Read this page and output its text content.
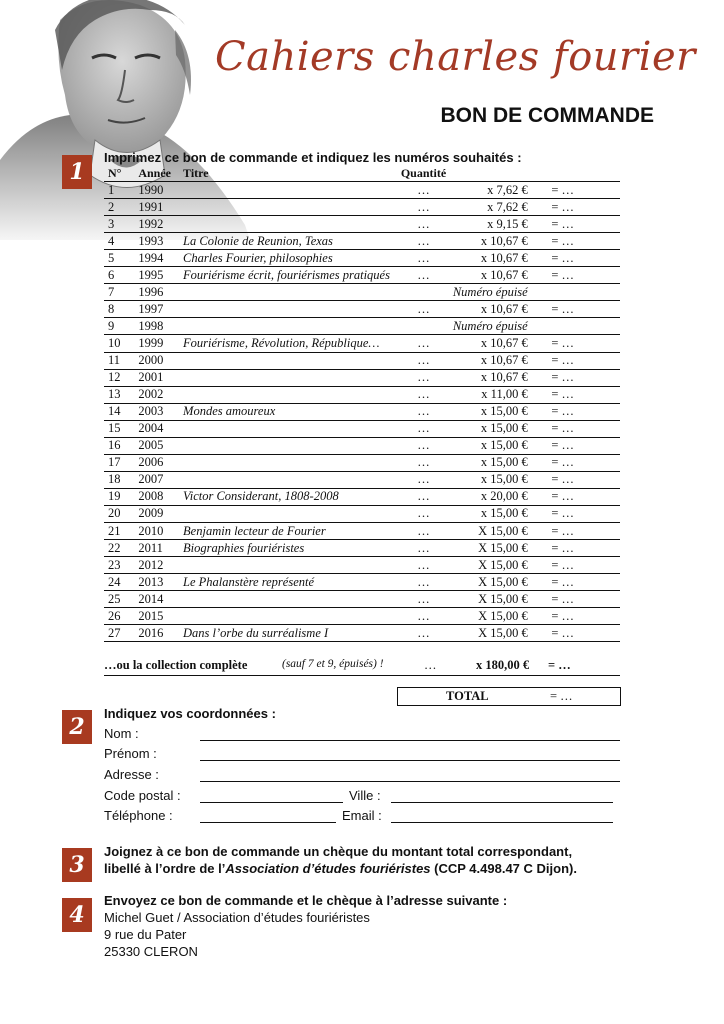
Cahiers charles fourier
BON DE COMMANDE
1
Imprimez ce bon de commande et indiquez les numéros souhaités :
N°	Année	Titre	Quantité		
1	1990		…	x 7,62 €	= …
2	1991		…	x 7,62 €	= …
3	1992		…	x 9,15 €	= …
4	1993	La Colonie de Reunion, Texas	…	x 10,67 €	= …
5	1994	Charles Fourier, philosophies	…	x 10,67 €	= …
6	1995	Fouriérisme écrit, fouriérismes pratiqués	…	x 10,67 €	= …
7	1996			Numéro épuisé	
8	1997		…	x 10,67 €	= …
9	1998			Numéro épuisé	
10	1999	Fouriérisme, Révolution, République…	…	x 10,67 €	= …
11	2000		…	x 10,67 €	= …
12	2001		…	x 10,67 €	= …
13	2002		…	x 11,00 €	= …
14	2003	Mondes amoureux	…	x 15,00 €	= …
15	2004		…	x 15,00 €	= …
16	2005		…	x 15,00 €	= …
17	2006		…	x 15,00 €	= …
18	2007		…	x 15,00 €	= …
19	2008	Victor Considerant, 1808-2008	…	x 20,00 €	= …
20	2009		…	x 15,00 €	= …
21	2010	Benjamin lecteur de Fourier	…	X 15,00 €	= …
22	2011	Biographies fouriéristes	…	X 15,00 €	= …
23	2012		…	X 15,00 €	= …
24	2013	Le Phalanstère représenté	…	X 15,00 €	= …
25	2014		…	X 15,00 €	= …
26	2015		…	X 15,00 €	= …
27	2016	Dans l’orbe du surréalisme I	…	X 15,00 €	= …
…ou la collection complète	(sauf 7 et 9, épuisés) !	…	x 180,00 € = …
TOTAL	= …
2
Indiquez vos coordonnées :
Nom :
Prénom :
Adresse :
Code postal :	Ville :
Téléphone :	Email :
3
Joignez à ce bon de commande un chèque du montant total correspondant,
libellé à l’ordre de l’Association d’études fouriéristes (CCP 4.498.47 C Dijon).
4
Envoyez ce bon de commande et le chèque à l’adresse suivante :
Michel Guet / Association d’études fouriéristes
9 rue du Pater
25330 CLERON
